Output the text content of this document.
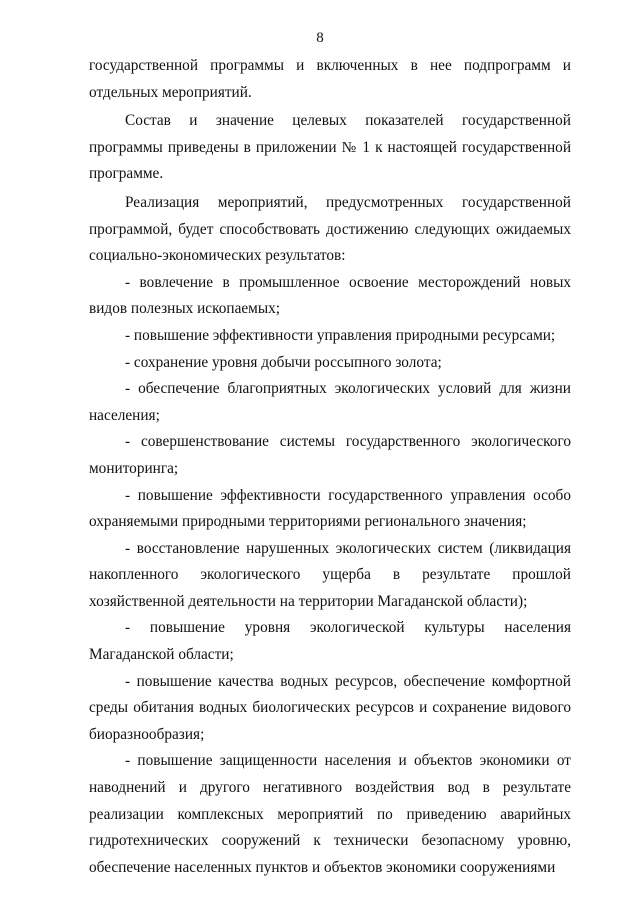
8

государственной программы и включенных в нее подпрограмм и отдельных мероприятий.

Состав и значение целевых показателей государственной программы приведены в приложении № 1 к настоящей государственной программе.

Реализация мероприятий, предусмотренных государственной программой, будет способствовать достижению следующих ожидаемых социально-экономических результатов:

- вовлечение в промышленное освоение месторождений новых видов полезных ископаемых;

- повышение эффективности управления природными ресурсами;

- сохранение уровня добычи россыпного золота;

- обеспечение благоприятных экологических условий для жизни населения;

- совершенствование системы государственного экологического мониторинга;

- повышение эффективности государственного управления особо охраняемыми природными территориями регионального значения;

- восстановление нарушенных экологических систем (ликвидация накопленного экологического ущерба в результате прошлой хозяйственной деятельности на территории Магаданской области);

- повышение уровня экологической культуры населения Магаданской области;

- повышение качества водных ресурсов, обеспечение комфортной среды обитания водных биологических ресурсов и сохранение видового биоразнообразия;

- повышение защищенности населения и объектов экономики от наводнений и другого негативного воздействия вод в результате реализации комплексных мероприятий по приведению аварийных гидротехнических сооружений к технически безопасному уровню, обеспечение населенных пунктов и объектов экономики сооружениями
